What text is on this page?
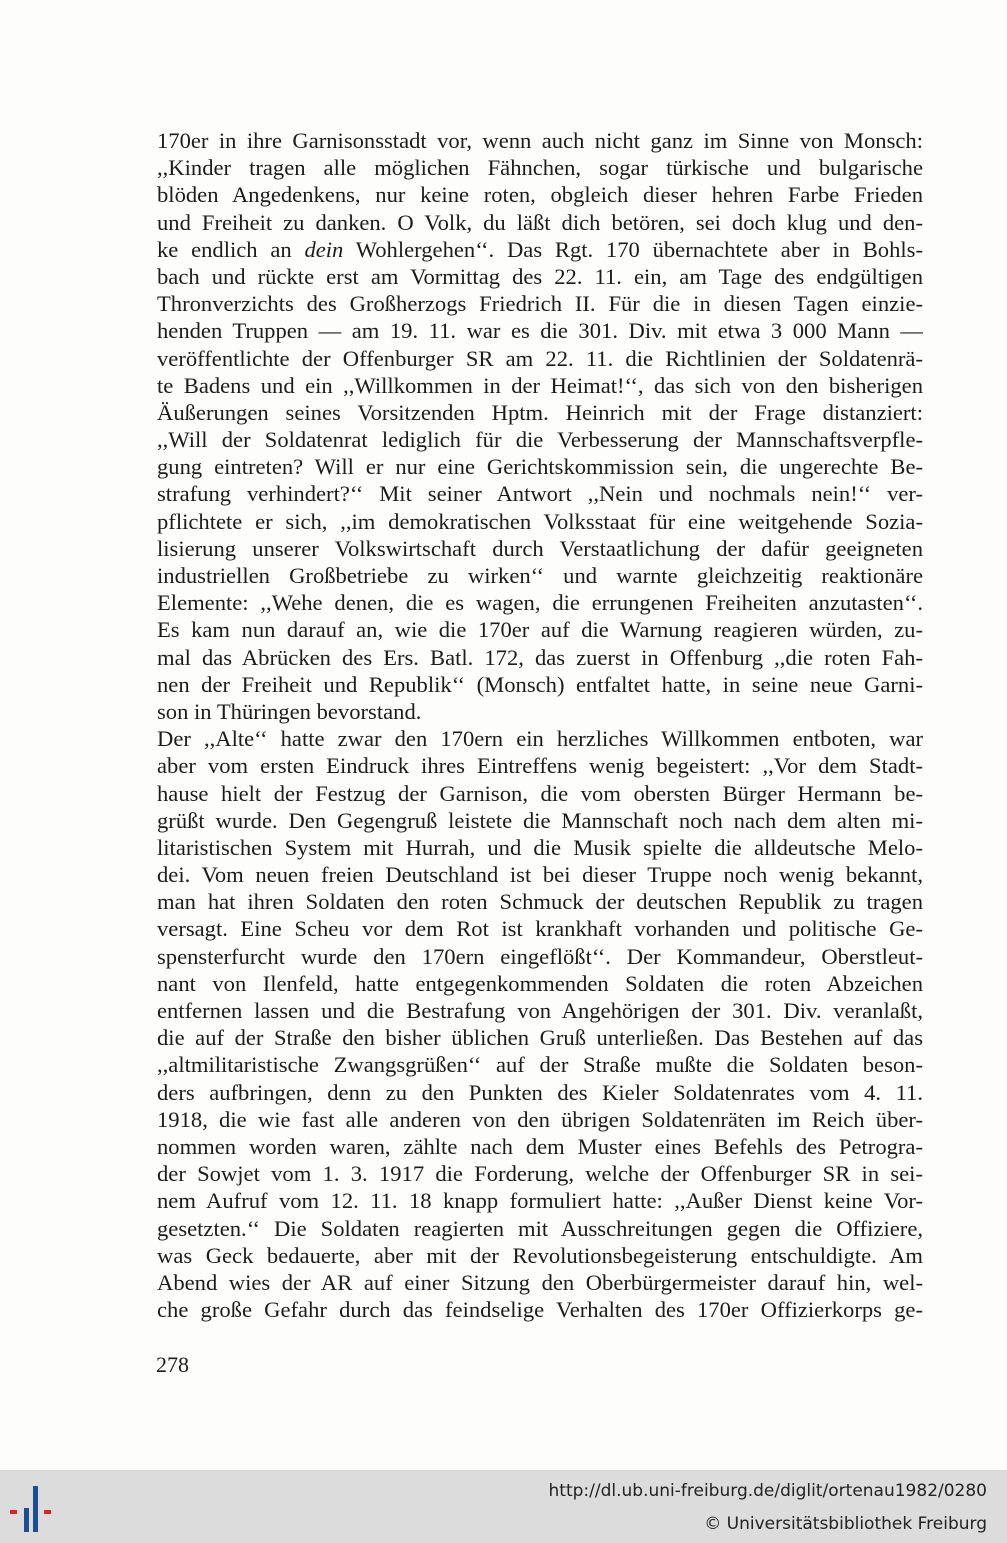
170er in ihre Garnisonsstadt vor, wenn auch nicht ganz im Sinne von Monsch:
,,Kinder tragen alle möglichen Fähnchen, sogar türkische und bulgarische
blöden Angedenkens, nur keine roten, obgleich dieser hehren Farbe Frieden
und Freiheit zu danken. O Volk, du läßt dich betören, sei doch klug und den-
ke endlich an dein Wohlergehen‘‘. Das Rgt. 170 übernachtete aber in Bohls-
bach und rückte erst am Vormittag des 22. 11. ein, am Tage des endgültigen
Thronverzichts des Großherzogs Friedrich II. Für die in diesen Tagen einzie-
henden Truppen — am 19. 11. war es die 301. Div. mit etwa 3 000 Mann —
veröffentlichte der Offenburger SR am 22. 11. die Richtlinien der Soldatenrä-
te Badens und ein ,,Willkommen in der Heimat!‘‘, das sich von den bisherigen
Äußerungen seines Vorsitzenden Hptm. Heinrich mit der Frage distanziert:
,,Will der Soldatenrat lediglich für die Verbesserung der Mannschaftsverpfle-
gung eintreten? Will er nur eine Gerichtskommission sein, die ungerechte Be-
strafung verhindert?‘‘ Mit seiner Antwort ,,Nein und nochmals nein!‘‘ ver-
pflichtete er sich, ,,im demokratischen Volksstaat für eine weitgehende Sozia-
lisierung unserer Volkswirtschaft durch Verstaatlichung der dafür geeigneten
industriellen Großbetriebe zu wirken‘‘ und warnte gleichzeitig reaktionäre
Elemente: ,,Wehe denen, die es wagen, die errungenen Freiheiten anzutasten‘‘.
Es kam nun darauf an, wie die 170er auf die Warnung reagieren würden, zu-
mal das Abrücken des Ers. Batl. 172, das zuerst in Offenburg ,,die roten Fah-
nen der Freiheit und Republik‘‘ (Monsch) entfaltet hatte, in seine neue Garni-
son in Thüringen bevorstand.
Der ,,Alte‘‘ hatte zwar den 170ern ein herzliches Willkommen entboten, war
aber vom ersten Eindruck ihres Eintreffens wenig begeistert: ,,Vor dem Stadt-
hause hielt der Festzug der Garnison, die vom obersten Bürger Hermann be-
grüßt wurde. Den Gegengruß leistete die Mannschaft noch nach dem alten mi-
litaristischen System mit Hurrah, und die Musik spielte die alldeutsche Melo-
dei. Vom neuen freien Deutschland ist bei dieser Truppe noch wenig bekannt,
man hat ihren Soldaten den roten Schmuck der deutschen Republik zu tragen
versagt. Eine Scheu vor dem Rot ist krankhaft vorhanden und politische Ge-
spensterfurcht wurde den 170ern eingeflößt‘‘. Der Kommandeur, Oberstleut-
nant von Ilenfeld, hatte entgegenkommenden Soldaten die roten Abzeichen
entfernen lassen und die Bestrafung von Angehörigen der 301. Div. veranlaßt,
die auf der Straße den bisher üblichen Gruß unterließen. Das Bestehen auf das
,,altmilitaristische Zwangsgrüßen‘‘ auf der Straße mußte die Soldaten beson-
ders aufbringen, denn zu den Punkten des Kieler Soldatenrates vom 4. 11.
1918, die wie fast alle anderen von den übrigen Soldatenräten im Reich über-
nommen worden waren, zählte nach dem Muster eines Befehls des Petrogra-
der Sowjet vom 1. 3. 1917 die Forderung, welche der Offenburger SR in sei-
nem Aufruf vom 12. 11. 18 knapp formuliert hatte: ,,Außer Dienst keine Vor-
gesetzten.‘‘ Die Soldaten reagierten mit Ausschreitungen gegen die Offiziere,
was Geck bedauerte, aber mit der Revolutionsbegeisterung entschuldigte. Am
Abend wies der AR auf einer Sitzung den Oberbürgermeister darauf hin, wel-
che große Gefahr durch das feindselige Verhalten des 170er Offizierkorps ge-
278
http://dl.ub.uni-freiburg.de/diglit/ortenau1982/0280
© Universitätsbibliothek Freiburg
